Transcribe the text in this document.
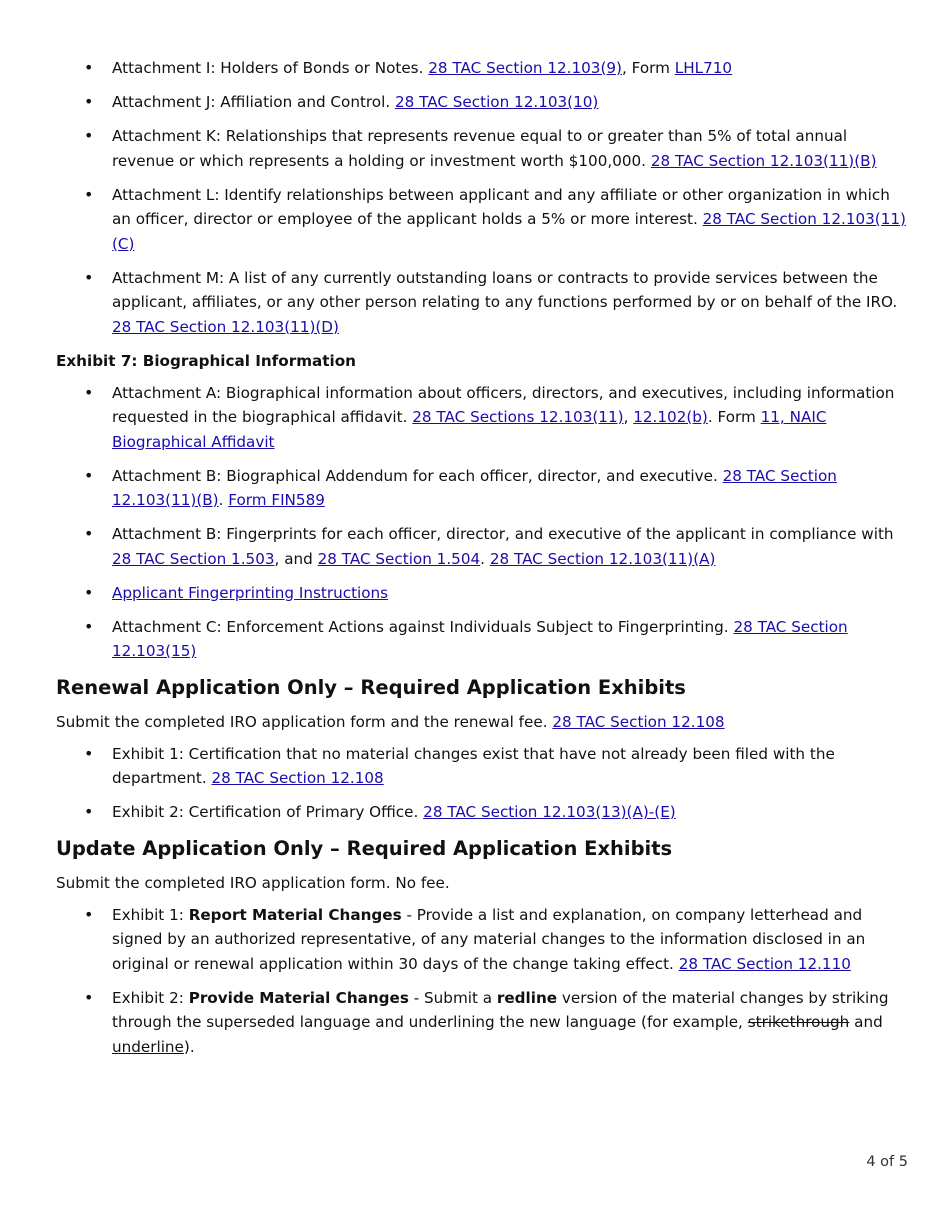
• Attachment I: Holders of Bonds or Notes. 28 TAC Section 12.103(9), Form LHL710
• Attachment J: Affiliation and Control. 28 TAC Section 12.103(10)
• Attachment K: Relationships that represents revenue equal to or greater than 5% of total annual revenue or which represents a holding or investment worth $100,000. 28 TAC Section 12.103(11)(B)
• Attachment L: Identify relationships between applicant and any affiliate or other organization in which an officer, director or employee of the applicant holds a 5% or more interest. 28 TAC Section 12.103(11)(C)
• Attachment M: A list of any currently outstanding loans or contracts to provide services between the applicant, affiliates, or any other person relating to any functions performed by or on behalf of the IRO. 28 TAC Section 12.103(11)(D)
Exhibit 7: Biographical Information
• Attachment A: Biographical information about officers, directors, and executives, including information requested in the biographical affidavit. 28 TAC Sections 12.103(11), 12.102(b). Form 11, NAIC Biographical Affidavit
• Attachment B: Biographical Addendum for each officer, director, and executive. 28 TAC Section 12.103(11)(B). Form FIN589
• Attachment B: Fingerprints for each officer, director, and executive of the applicant in compliance with 28 TAC Section 1.503, and 28 TAC Section 1.504. 28 TAC Section 12.103(11)(A)
• Applicant Fingerprinting Instructions
• Attachment C: Enforcement Actions against Individuals Subject to Fingerprinting. 28 TAC Section 12.103(15)
Renewal Application Only – Required Application Exhibits

Submit the completed IRO application form and the renewal fee. 28 TAC Section 12.108

• Exhibit 1: Certification that no material changes exist that have not already been filed with the department. 28 TAC Section 12.108
• Exhibit 2: Certification of Primary Office. 28 TAC Section 12.103(13)(A)-(E)
Update Application Only – Required Application Exhibits

Submit the completed IRO application form. No fee.

• Exhibit 1: Report Material Changes - Provide a list and explanation, on company letterhead and signed by an authorized representative, of any material changes to the information disclosed in an original or renewal application within 30 days of the change taking effect. 28 TAC Section 12.110
• Exhibit 2: Provide Material Changes - Submit a redline version of the material changes by striking through the superseded language and underlining the new language (for example, strikethrough and underline).
4 of 5
